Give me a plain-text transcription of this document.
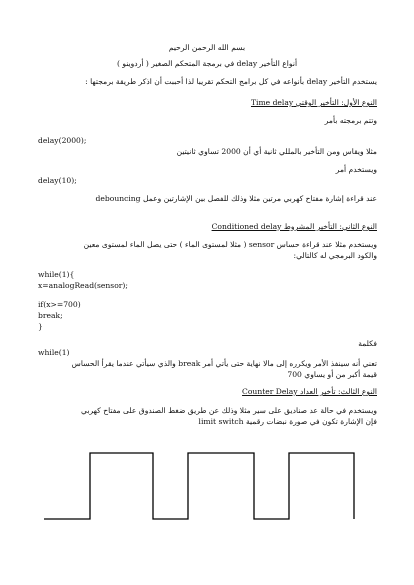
بسم الله الرحمن الرحيم
أنواع التأخير delay في برمجة المتحكم الصغير ( أردوينو )
يستخدم التأخير delay بأنواعه في كل برامج التحكم تقريبا لذا أحببت أن اذكر طريقة برمجتها :
النوع الأول: التأخير الوقتي Time delay
وتتم برمجته بأمر
delay(2000);
مثلا ويقاس ومن التأخير بالمللي ثانية أي أن 2000 تساوي ثانيتين
ويستخدم أمر
delay(10);
عند قراءة إشارة مفتاح كهربي مرتين مثلا وذلك للفصل بين الإشارتين وعمل debouncing
النوع الثاني: التأخير المشروط Conditioned delay
ويستخدم مثلا عند قراءة حساس sensor ( مثلا لمستوى الماء ) حتى يصل الماء لمستوى معين
والكود البرمجي له كالتالي:
while(1){
x=analogRead(sensor);
if(x>=700)
break;
}
فكلمة
while(1)
تعني أنه سينفذ الأمر ويكرره إلى مالا نهاية حتى يأتي أمر break والذي سيأتي عندما يقرأ الحساس
قيمة أكبر من أو يساوي 700
النوع الثالث: تأخير العداد Counter Delay
ويستخدم في حالة عد صناديق على سير مثلا وذلك عن طريق ضغط الصندوق على مفتاح كهربي
limit switch فإن الإشارة تكون في صورة نبضات رقمية
